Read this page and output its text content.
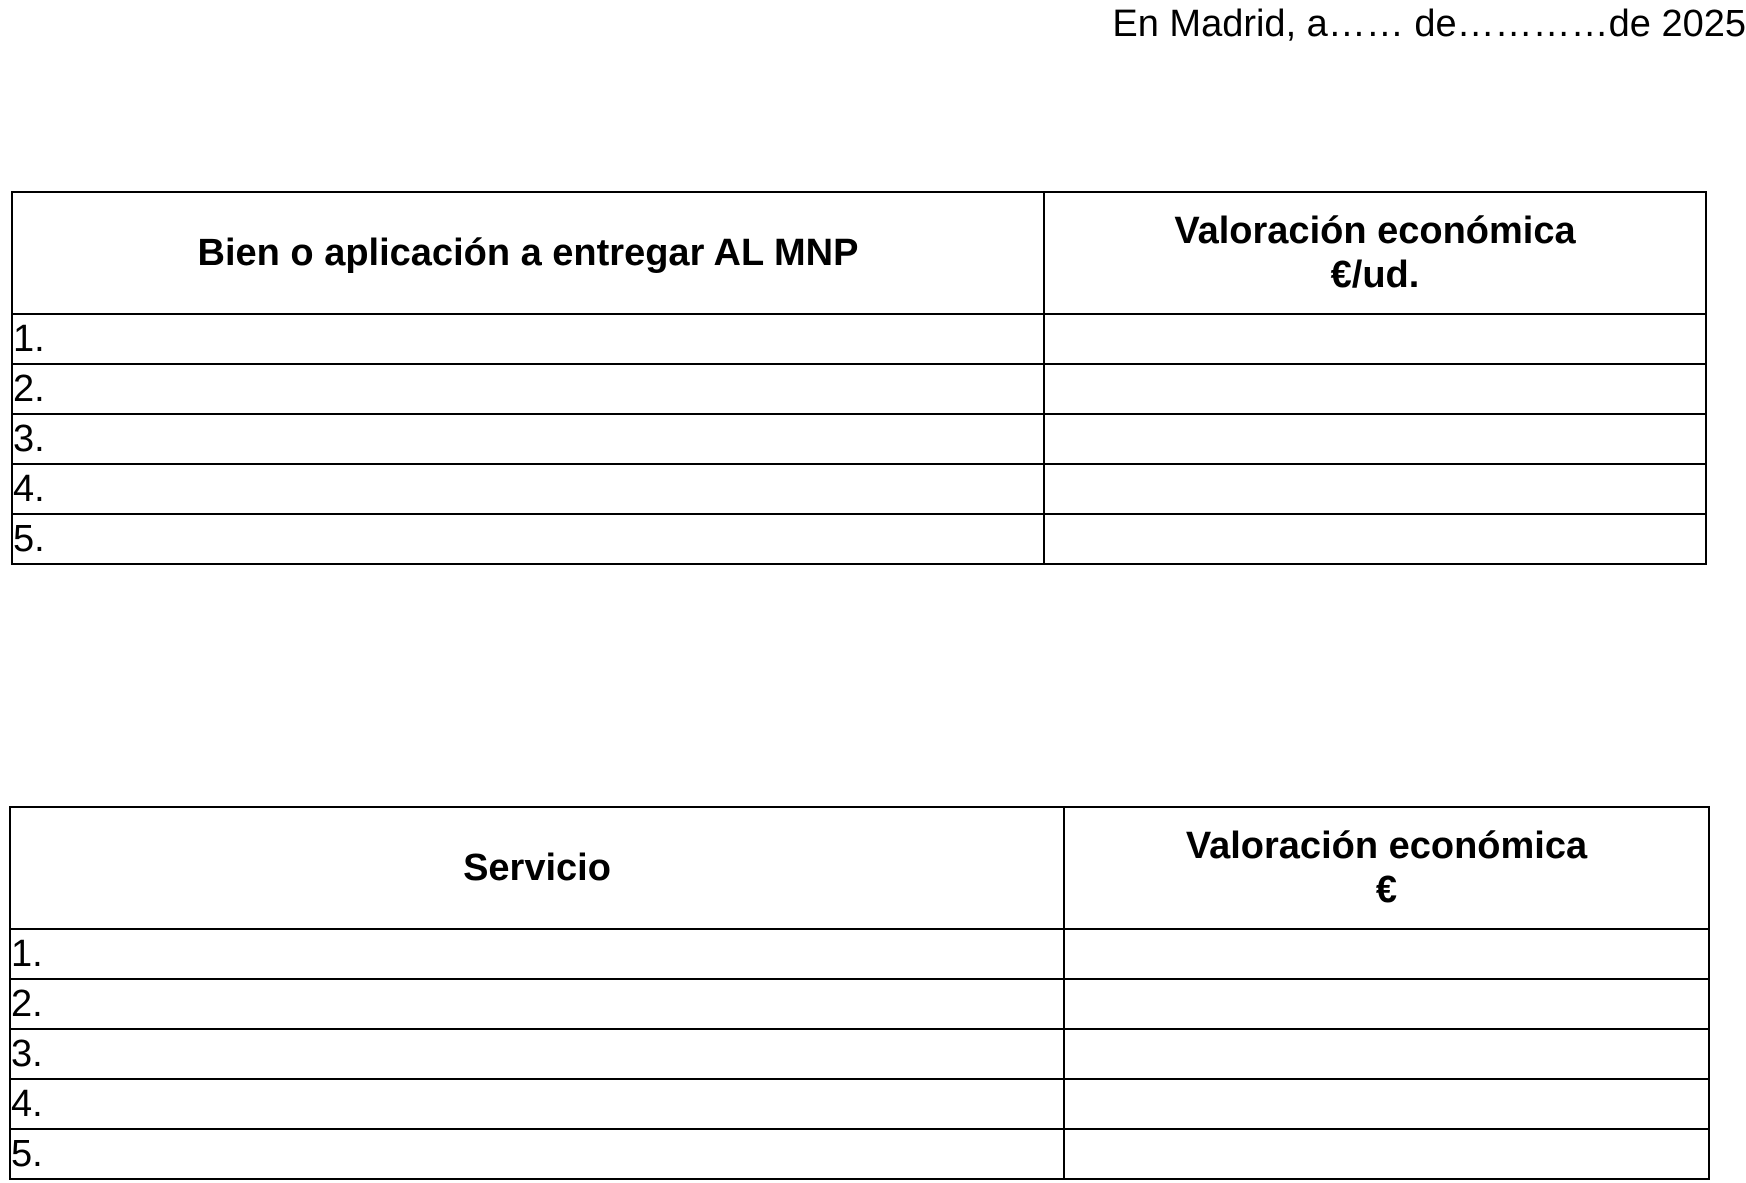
En Madrid, a…… de…………de 2025
Bien o aplicación a entregar AL MNP	Valoración económica
€/ud.
1.	
2.	
3.	
4.	
5.	
Servicio	Valoración económica
€
1.	
2.	
3.	
4.	
5.	
